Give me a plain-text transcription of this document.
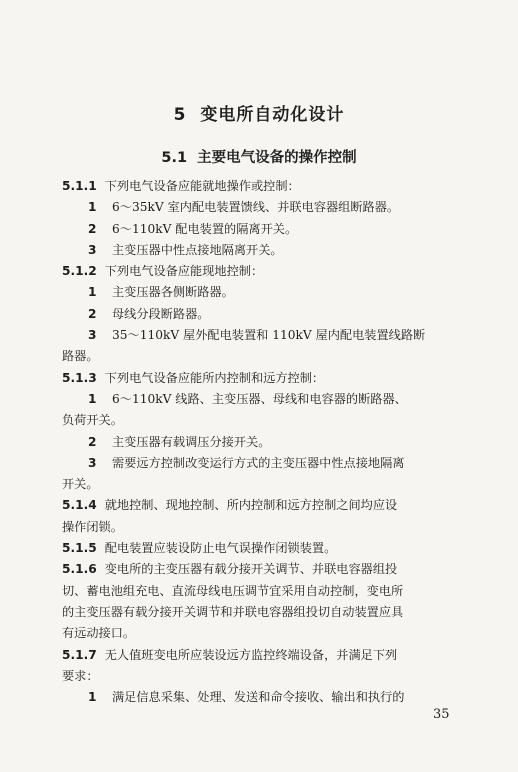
5 变电所自动化设计
5.1 主要电气设备的操作控制
5.1.1 下列电气设备应能就地操作或控制：
1 6～35kV 室内配电装置馈线、并联电容器组断路器。
2 6～110kV 配电装置的隔离开关。
3 主变压器中性点接地隔离开关。
5.1.2 下列电气设备应能现地控制：
1 主变压器各侧断路器。
2 母线分段断路器。
3 35～110kV 屋外配电装置和 110kV 屋内配电装置线路断
路器。
5.1.3 下列电气设备应能所内控制和远方控制：
1 6～110kV 线路、主变压器、母线和电容器的断路器、
负荷开关。
2 主变压器有载调压分接开关。
3 需要远方控制改变运行方式的主变压器中性点接地隔离
开关。
5.1.4 就地控制、现地控制、所内控制和远方控制之间均应设
操作闭锁。
5.1.5 配电装置应装设防止电气误操作闭锁装置。
5.1.6 变电所的主变压器有载分接开关调节、并联电容器组投
切、蓄电池组充电、直流母线电压调节宜采用自动控制，变电所
的主变压器有载分接开关调节和并联电容器组投切自动装置应具
有远动接口。
5.1.7 无人值班变电所应装设远方监控终端设备，并满足下列
要求：
1 满足信息采集、处理、发送和命令接收、输出和执行的
35
